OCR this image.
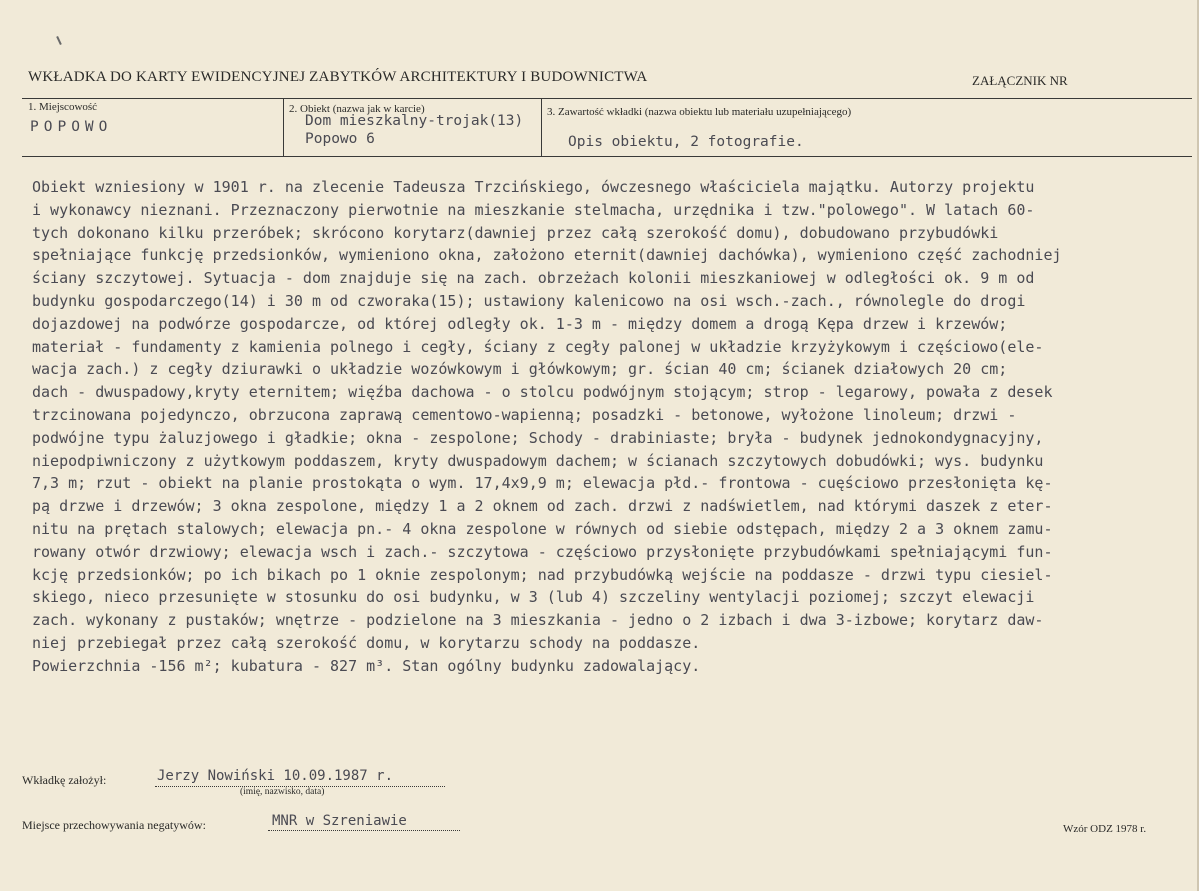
WKŁADKA DO KARTY EWIDENCYJNEJ ZABYTKÓW ARCHITEKTURY I BUDOWNICTWA	ZAŁĄCZNIK NR
1. Miejscowość
POPOWO
2. Obiekt (nazwa jak w karcie)
Dom mieszkalny-trojak(13)
Popowo 6
3. Zawartość wkładki (nazwa obiektu lub materiału uzupełniającego)
Opis obiektu, 2 fotografie.
Obiekt wzniesiony w 1901 r. na zlecenie Tadeusza Trzcińskiego, ówczesnego właściciela majątku. Autorzy projektu
i wykonawcy nieznani. Przeznaczony pierwotnie na mieszkanie stelmacha, urzędnika i tzw."polowego". W latach 60-
tych dokonano kilku przeróbek; skrócono korytarz(dawniej przez całą szerokość domu), dobudowano przybudówki
spełniające funkcję przedsionków, wymieniono okna, założono eternit(dawniej dachówka), wymieniono część zachodniej
ściany szczytowej. Sytuacja - dom znajduje się na zach. obrzeżach kolonii mieszkaniowej w odległości ok. 9 m od
budynku gospodarczego(14) i 30 m od czworaka(15); ustawiony kalenicowo na osi wsch.-zach., równolegle do drogi
dojazdowej na podwórze gospodarcze, od której odległy ok. 1-3 m - między domem a drogą Kępa drzew i krzewów;
materiał - fundamenty z kamienia polnego i cegły, ściany z cegły palonej w układzie krzyżykowym i częściowo(ele-
wacja zach.) z cegły dziurawki o układzie wozówkowym i główkowym; gr. ścian 40 cm; ścianek działowych 20 cm;
dach - dwuspadowy,kryty eternitem; więźba dachowa - o stolcu podwójnym stojącym; strop - legarowy, powała z desek
trzcinowana pojedynczo, obrzucona zaprawą cementowo-wapienną; posadzki - betonowe, wyłożone linoleum; drzwi -
podwójne typu żaluzjowego i gładkie; okna - zespolone; Schody - drabiniaste; bryła - budynek jednokondygnacyjny,
niepodpiwniczony z użytkowym poddaszem, kryty dwuspadowym dachem; w ścianach szczytowych dobudówki; wys. budynku
7,3 m; rzut - obiekt na planie prostokąta o wym. 17,4x9,9 m; elewacja płd.- frontowa - cuęściowo przesłonięta kę-
pą drzwe i drzewów; 3 okna zespolone, między 1 a 2 oknem od zach. drzwi z nadświetlem, nad którymi daszek z eter-
nitu na prętach stalowych; elewacja pn.- 4 okna zespolone w równych od siebie odstępach, między 2 a 3 oknem zamu-
rowany otwór drzwiowy; elewacja wsch i zach.- szczytowa - częściowo przysłonięte przybudówkami spełniającymi fun-
kcję przedsionków; po ich bikach po 1 oknie zespolonym; nad przybudówką wejście na poddasze - drzwi typu ciesiel-
skiego, nieco przesunięte w stosunku do osi budynku, w 3 (lub 4) szczeliny wentylacji poziomej; szczyt elewacji
zach. wykonany z pustaków; wnętrze - podzielone na 3 mieszkania - jedno o 2 izbach i dwa 3-izbowe; korytarz daw-
niej przebiegał przez całą szerokość domu, w korytarzu schody na poddasze.
Powierzchnia -156 m²; kubatura - 827 m³. Stan ogólny budynku zadowalający.
Wkładkę założył:	Jerzy Nowiński 10.09.1987 r.
(imię, nazwisko, data)
Miejsce przechowywania negatywów:	MNR w Szreniawie	Wzór ODZ 1978 r.
